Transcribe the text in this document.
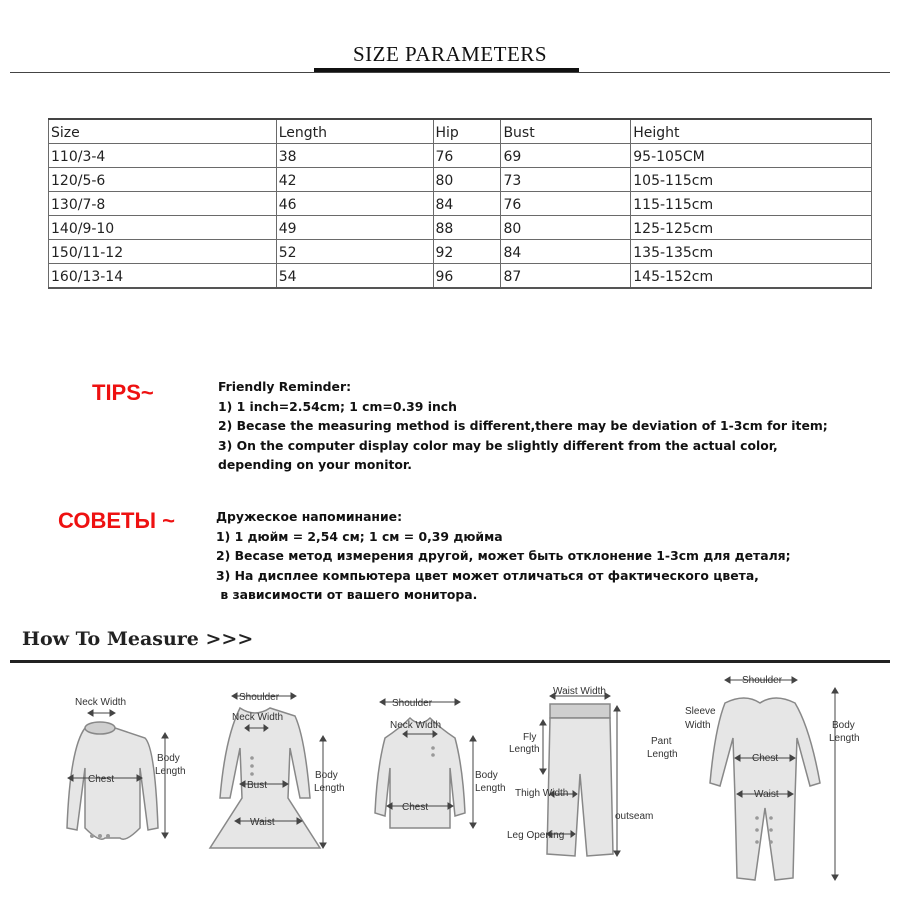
SIZE PARAMETERS
Size	Length	Hip	Bust	Height
110/3-4	38	76	69	95-105CM
120/5-6	42	80	73	105-115cm
130/7-8	46	84	76	115-115cm
140/9-10	49	88	80	125-125cm
150/11-12	52	92	84	135-135cm
160/13-14	54	96	87	145-152cm
TIPS~	Friendly Reminder:
1) 1 inch=2.54cm; 1 cm=0.39 inch
2) Becase the measuring method is different,there may be deviation of 1-3cm for item;
3) On the computer display color may be slightly different from the actual color,
depending on your monitor.
СОВЕТЫ ~	Дружеское напоминание:
1) 1 дюйм = 2,54 см; 1 см = 0,39 дюйма
2) Becase метод измерения другой, может быть отклонение 1-3cm для деталя;
3) На дисплее компьютера цвет может отличаться от фактического цвета,
в зависимости от вашего монитора.
How To Measure >>>
Neck Width
Chest
Body
Length
Shoulder
Neck Width
Bust
Waist
Body
Length
Shoulder
Neck Width
Chest
Body
Length
Waist Width
Fly
Length
Pant
Length
Thigh Width
outseam
Leg Opening
Shoulder
Sleeve
Width
Chest
Waist
Body
Length
